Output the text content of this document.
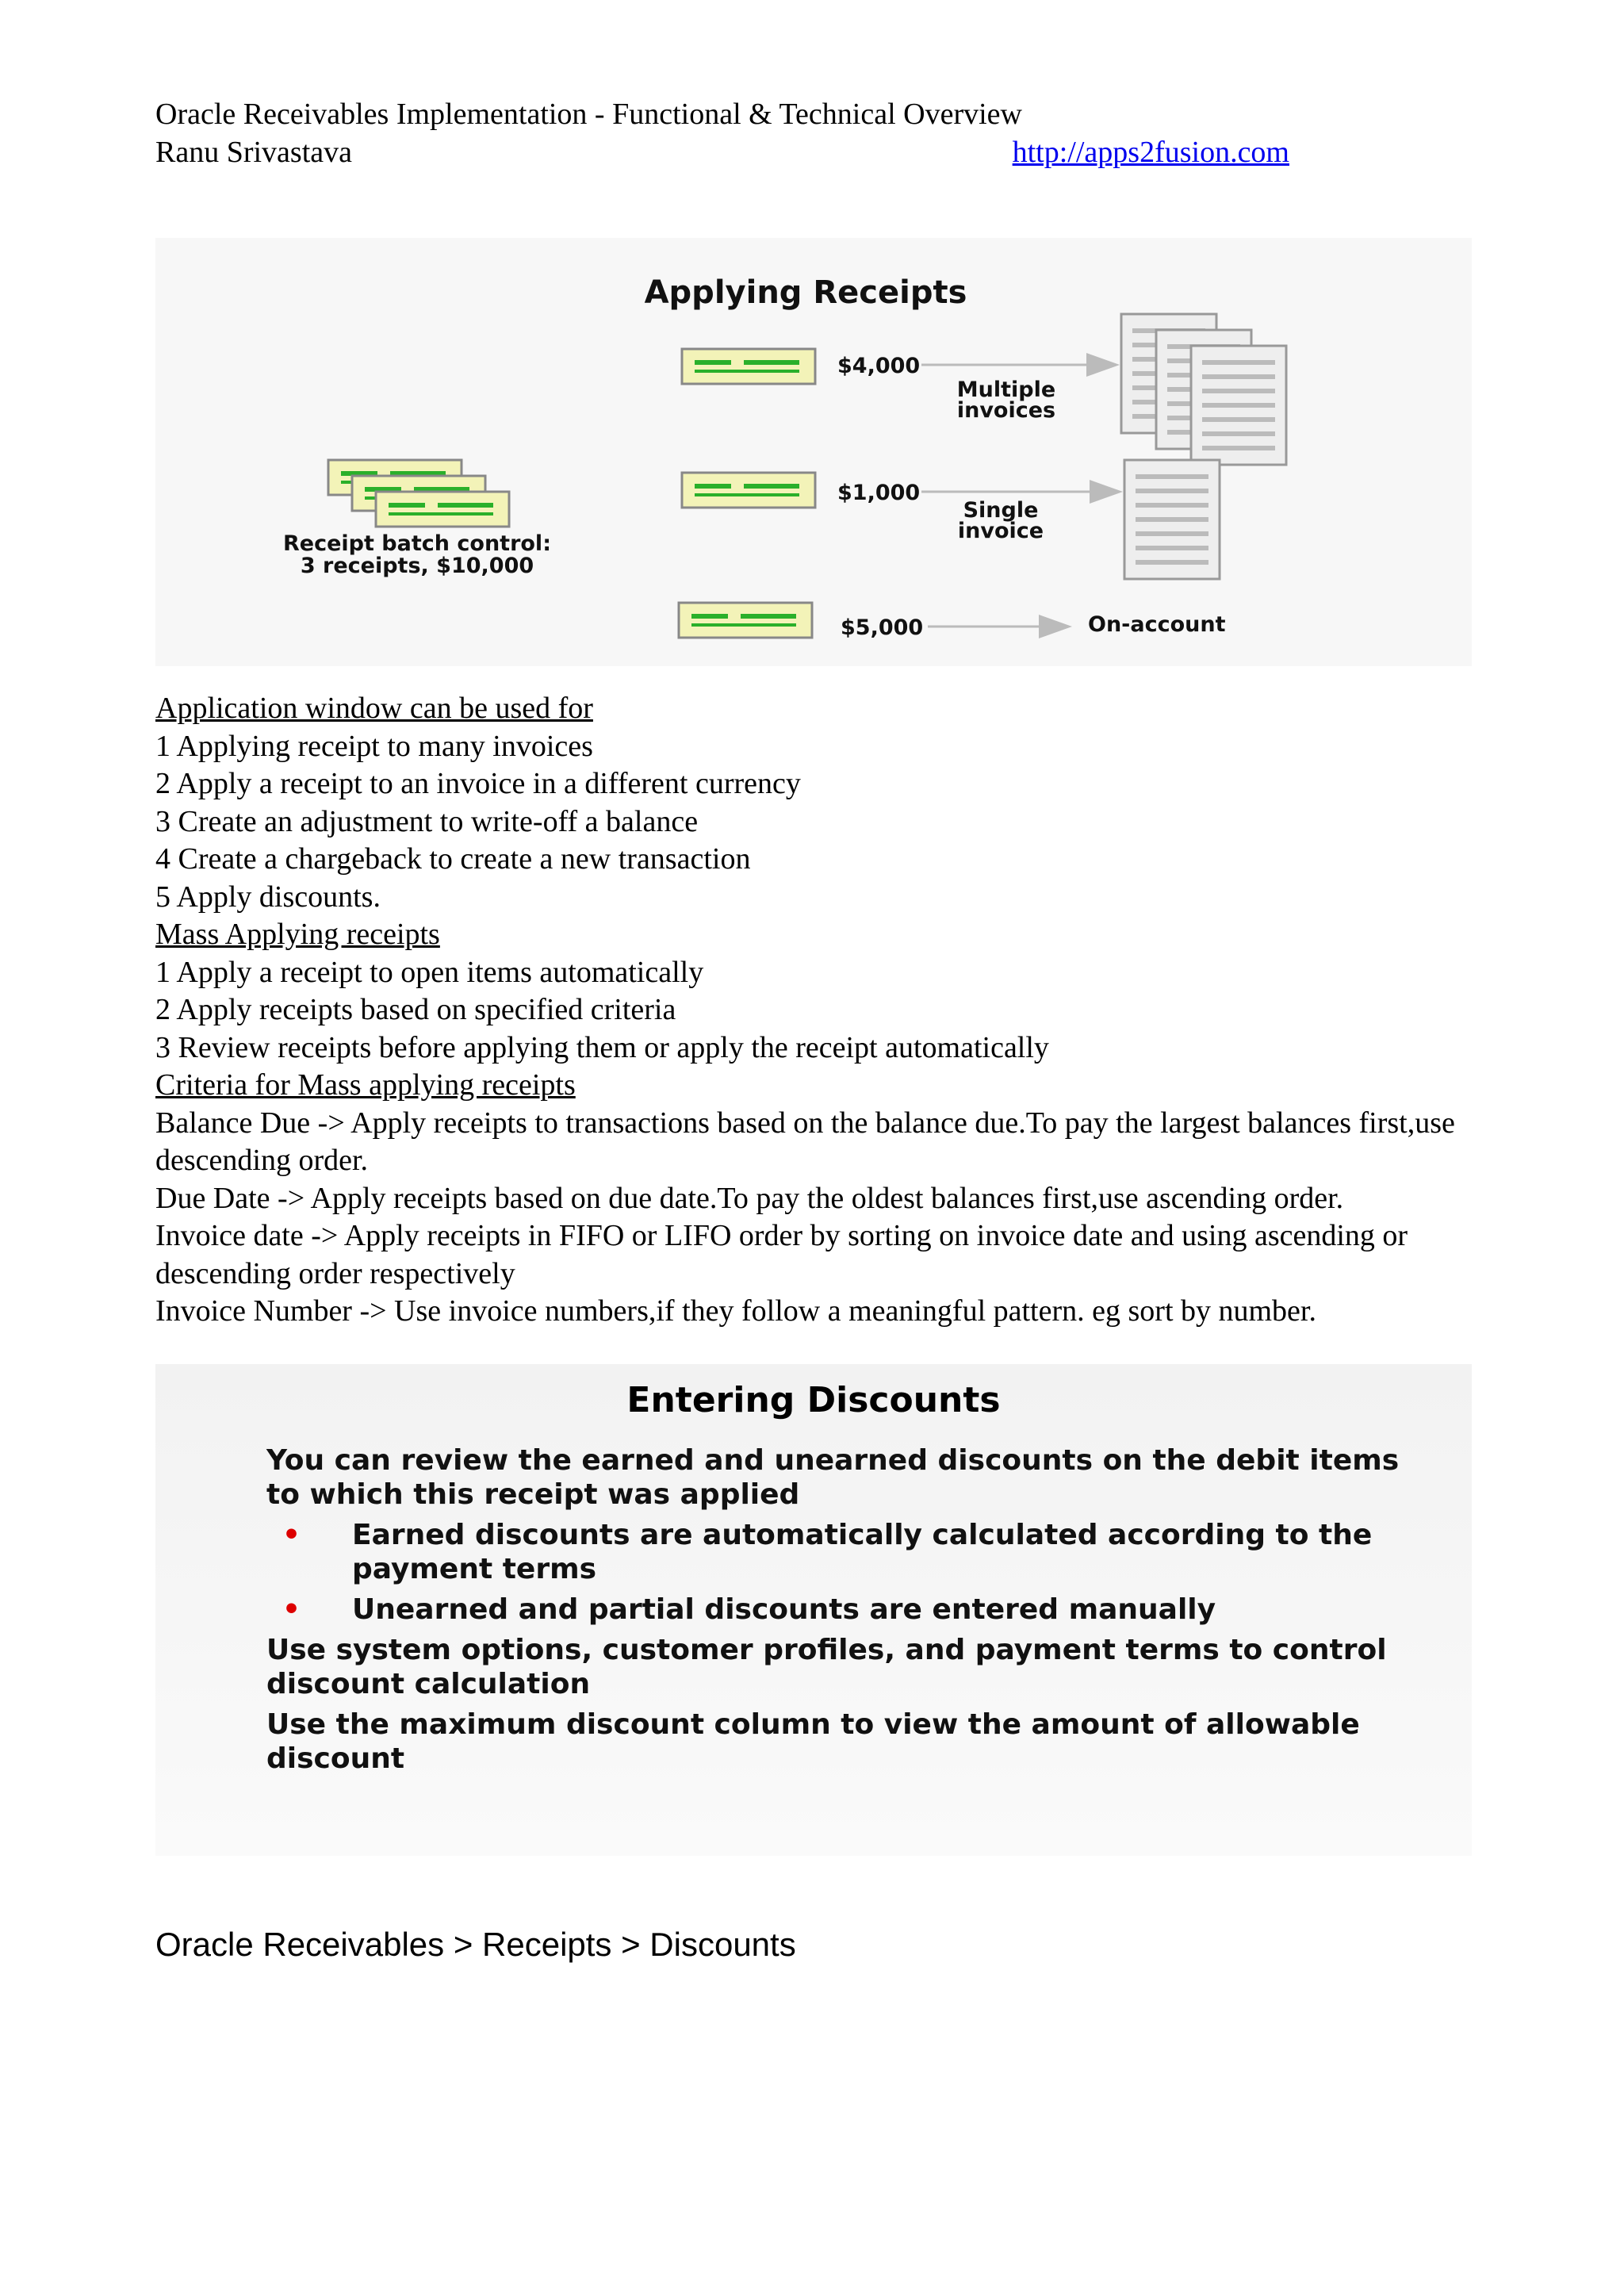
Oracle Receivables Implementation - Functional & Technical Overview
Ranu Srivastava	http://apps2fusion.com
Applying Receipts
Receipt batch control:
3 receipts, $10,000
$4,000
Multiple
invoices
$1,000
Single
invoice
$5,000	On-account

Application window can be used for

1 Applying receipt to many invoices

2 Apply a receipt to an invoice in a different currency

3 Create an adjustment to write-off a balance

4 Create a chargeback to create a new transaction

5 Apply discounts.

Mass Applying receipts

1 Apply a receipt to open items automatically

2 Apply receipts based on specified criteria

3 Review receipts before applying them or apply the receipt automatically

Criteria for Mass applying receipts

Balance Due -> Apply receipts to transactions based on the balance due.To pay the largest balances first,use descending order.

Due Date -> Apply receipts based on due date.To pay the oldest balances first,use ascending order.

Invoice date -> Apply receipts in FIFO or LIFO order by sorting on invoice date and using ascending or descending order respectively

Invoice Number -> Use invoice numbers,if they follow a meaningful pattern. eg sort by number.

Entering Discounts

You can review the earned and unearned discounts on the debit items to which this receipt was applied

•	Earned discounts are automatically calculated according to the payment terms
•	Unearned and partial discounts are entered manually

Use system options, customer profiles, and payment terms to control discount calculation

Use the maximum discount column to view the amount of allowable discount

Oracle Receivables > Receipts > Discounts
